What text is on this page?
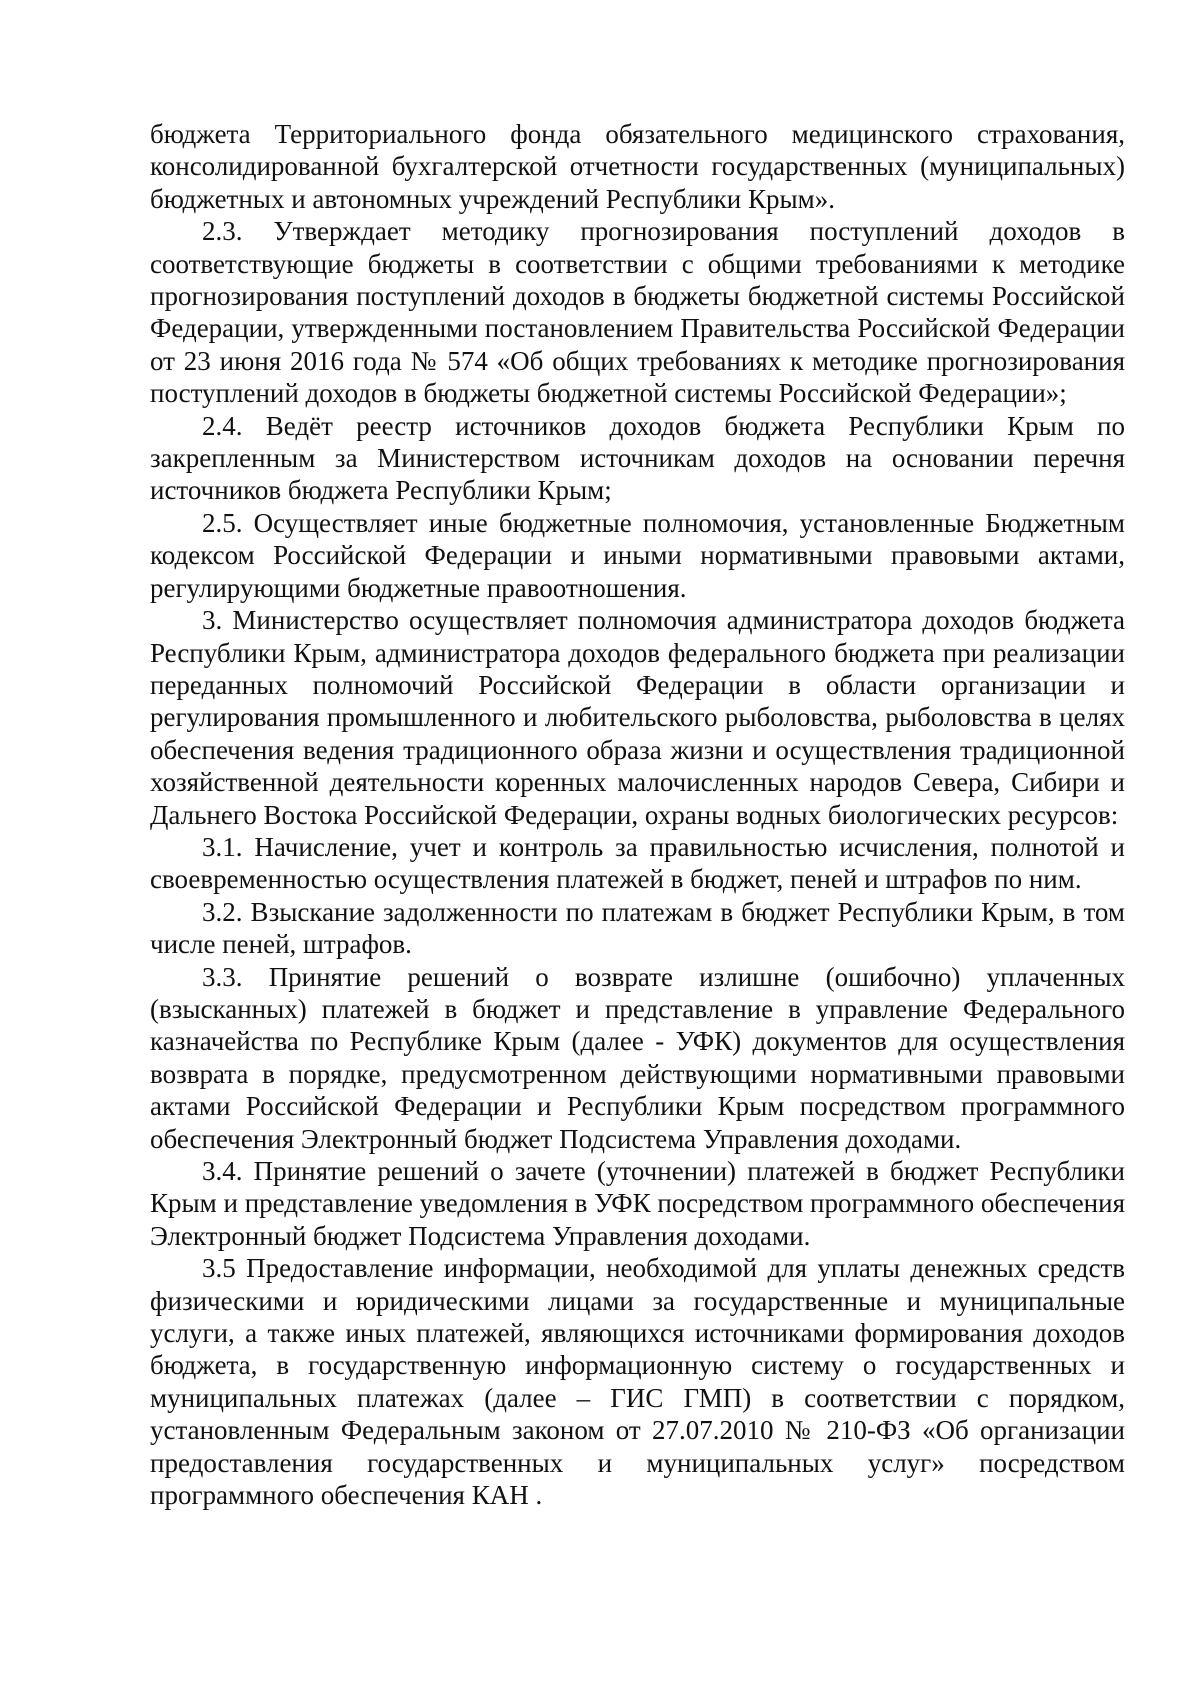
бюджета Территориального фонда обязательного медицинского страхования, консолидированной бухгалтерской отчетности государственных (муниципальных) бюджетных и автономных учреждений Республики Крым».

2.3. Утверждает методику прогнозирования поступлений доходов в соответствующие бюджеты в соответствии с общими требованиями к методике прогнозирования поступлений доходов в бюджеты бюджетной системы Российской Федерации, утвержденными постановлением Правительства Российской Федерации от 23 июня 2016 года № 574 «Об общих требованиях к методике прогнозирования поступлений доходов в бюджеты бюджетной системы Российской Федерации»;

2.4. Ведёт реестр источников доходов бюджета Республики Крым по закрепленным за Министерством источникам доходов на основании перечня источников бюджета Республики Крым;

2.5. Осуществляет иные бюджетные полномочия, установленные Бюджетным кодексом Российской Федерации и иными нормативными правовыми актами, регулирующими бюджетные правоотношения.

3. Министерство осуществляет полномочия администратора доходов бюджета Республики Крым, администратора доходов федерального бюджета при реализации переданных полномочий Российской Федерации в области организации и регулирования промышленного и любительского рыболовства, рыболовства в целях обеспечения ведения традиционного образа жизни и осуществления традиционной хозяйственной деятельности коренных малочисленных народов Севера, Сибири и Дальнего Востока Российской Федерации, охраны водных биологических ресурсов:

3.1. Начисление, учет и контроль за правильностью исчисления, полнотой и своевременностью осуществления платежей в бюджет, пеней и штрафов по ним.

3.2. Взыскание задолженности по платежам в бюджет Республики Крым, в том числе пеней, штрафов.

3.3. Принятие решений о возврате излишне (ошибочно) уплаченных (взысканных) платежей в бюджет и представление в управление Федерального казначейства по Республике Крым (далее - УФК) документов для осуществления возврата в порядке, предусмотренном действующими нормативными правовыми актами Российской Федерации и Республики Крым посредством программного обеспечения Электронный бюджет Подсистема Управления доходами.

3.4. Принятие решений о зачете (уточнении) платежей в бюджет Республики Крым и представление уведомления в УФК посредством программного обеспечения Электронный бюджет Подсистема Управления доходами.

3.5 Предоставление информации, необходимой для уплаты денежных средств физическими и юридическими лицами за государственные и муниципальные услуги, а также иных платежей, являющихся источниками формирования доходов бюджета, в государственную информационную систему о государственных и муниципальных платежах (далее – ГИС ГМП) в соответствии с порядком, установленным Федеральным законом от 27.07.2010 № 210-ФЗ «Об организации предоставления государственных и муниципальных услуг» посредством программного обеспечения КАН .
